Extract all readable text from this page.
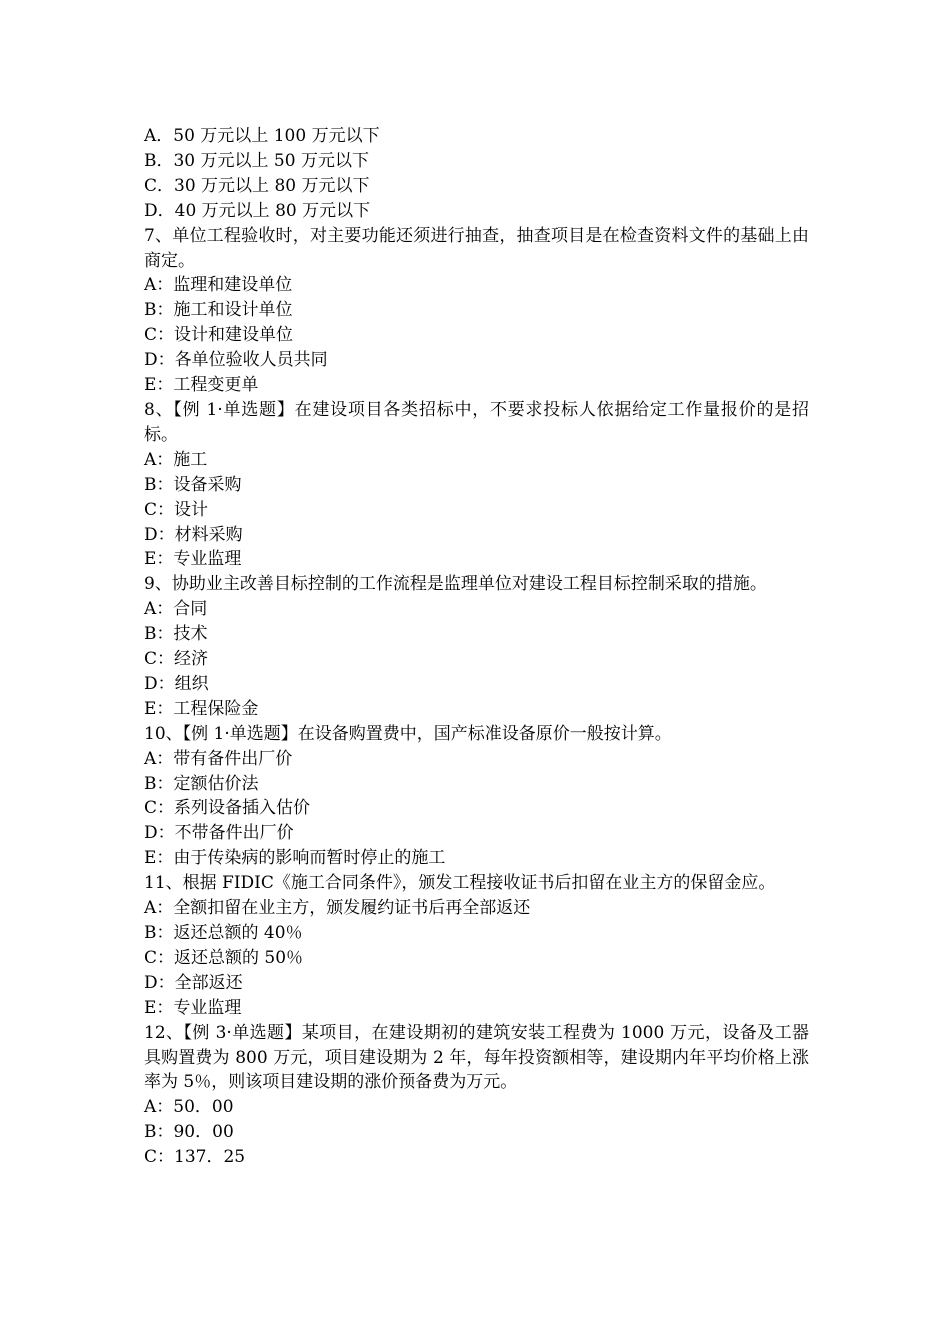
A．50 万元以上 100 万元以下

B．30 万元以上 50 万元以下

C．30 万元以上 80 万元以下

D．40 万元以上 80 万元以下

7、单位工程验收时，对主要功能还须进行抽查，抽查项目是在检查资料文件的基础上由商定。

A：监理和建设单位

B：施工和设计单位

C：设计和建设单位

D：各单位验收人员共同

E：工程变更单

8、【例 1·单选题】在建设项目各类招标中，不要求投标人依据给定工作量报价的是招标。

A：施工

B：设备采购

C：设计

D：材料采购

E：专业监理

9、协助业主改善目标控制的工作流程是监理单位对建设工程目标控制采取的措施。

A：合同

B：技术

C：经济

D：组织

E：工程保险金

10、【例 1·单选题】在设备购置费中，国产标准设备原价一般按计算。

A：带有备件出厂价

B：定额估价法

C：系列设备插入估价

D：不带备件出厂价

E：由于传染病的影响而暂时停止的施工

11、根据 FIDIC《施工合同条件》，颁发工程接收证书后扣留在业主方的保留金应。

A：全额扣留在业主方，颁发履约证书后再全部返还

B：返还总额的 40％

C：返还总额的 50％

D：全部返还

E：专业监理

12、【例 3·单选题】某项目，在建设期初的建筑安装工程费为 1000 万元，设备及工器具购置费为 800 万元，项目建设期为 2 年，每年投资额相等，建设期内年平均价格上涨率为 5％，则该项目建设期的涨价预备费为万元。

A：50．00

B：90．00

C：137．25
